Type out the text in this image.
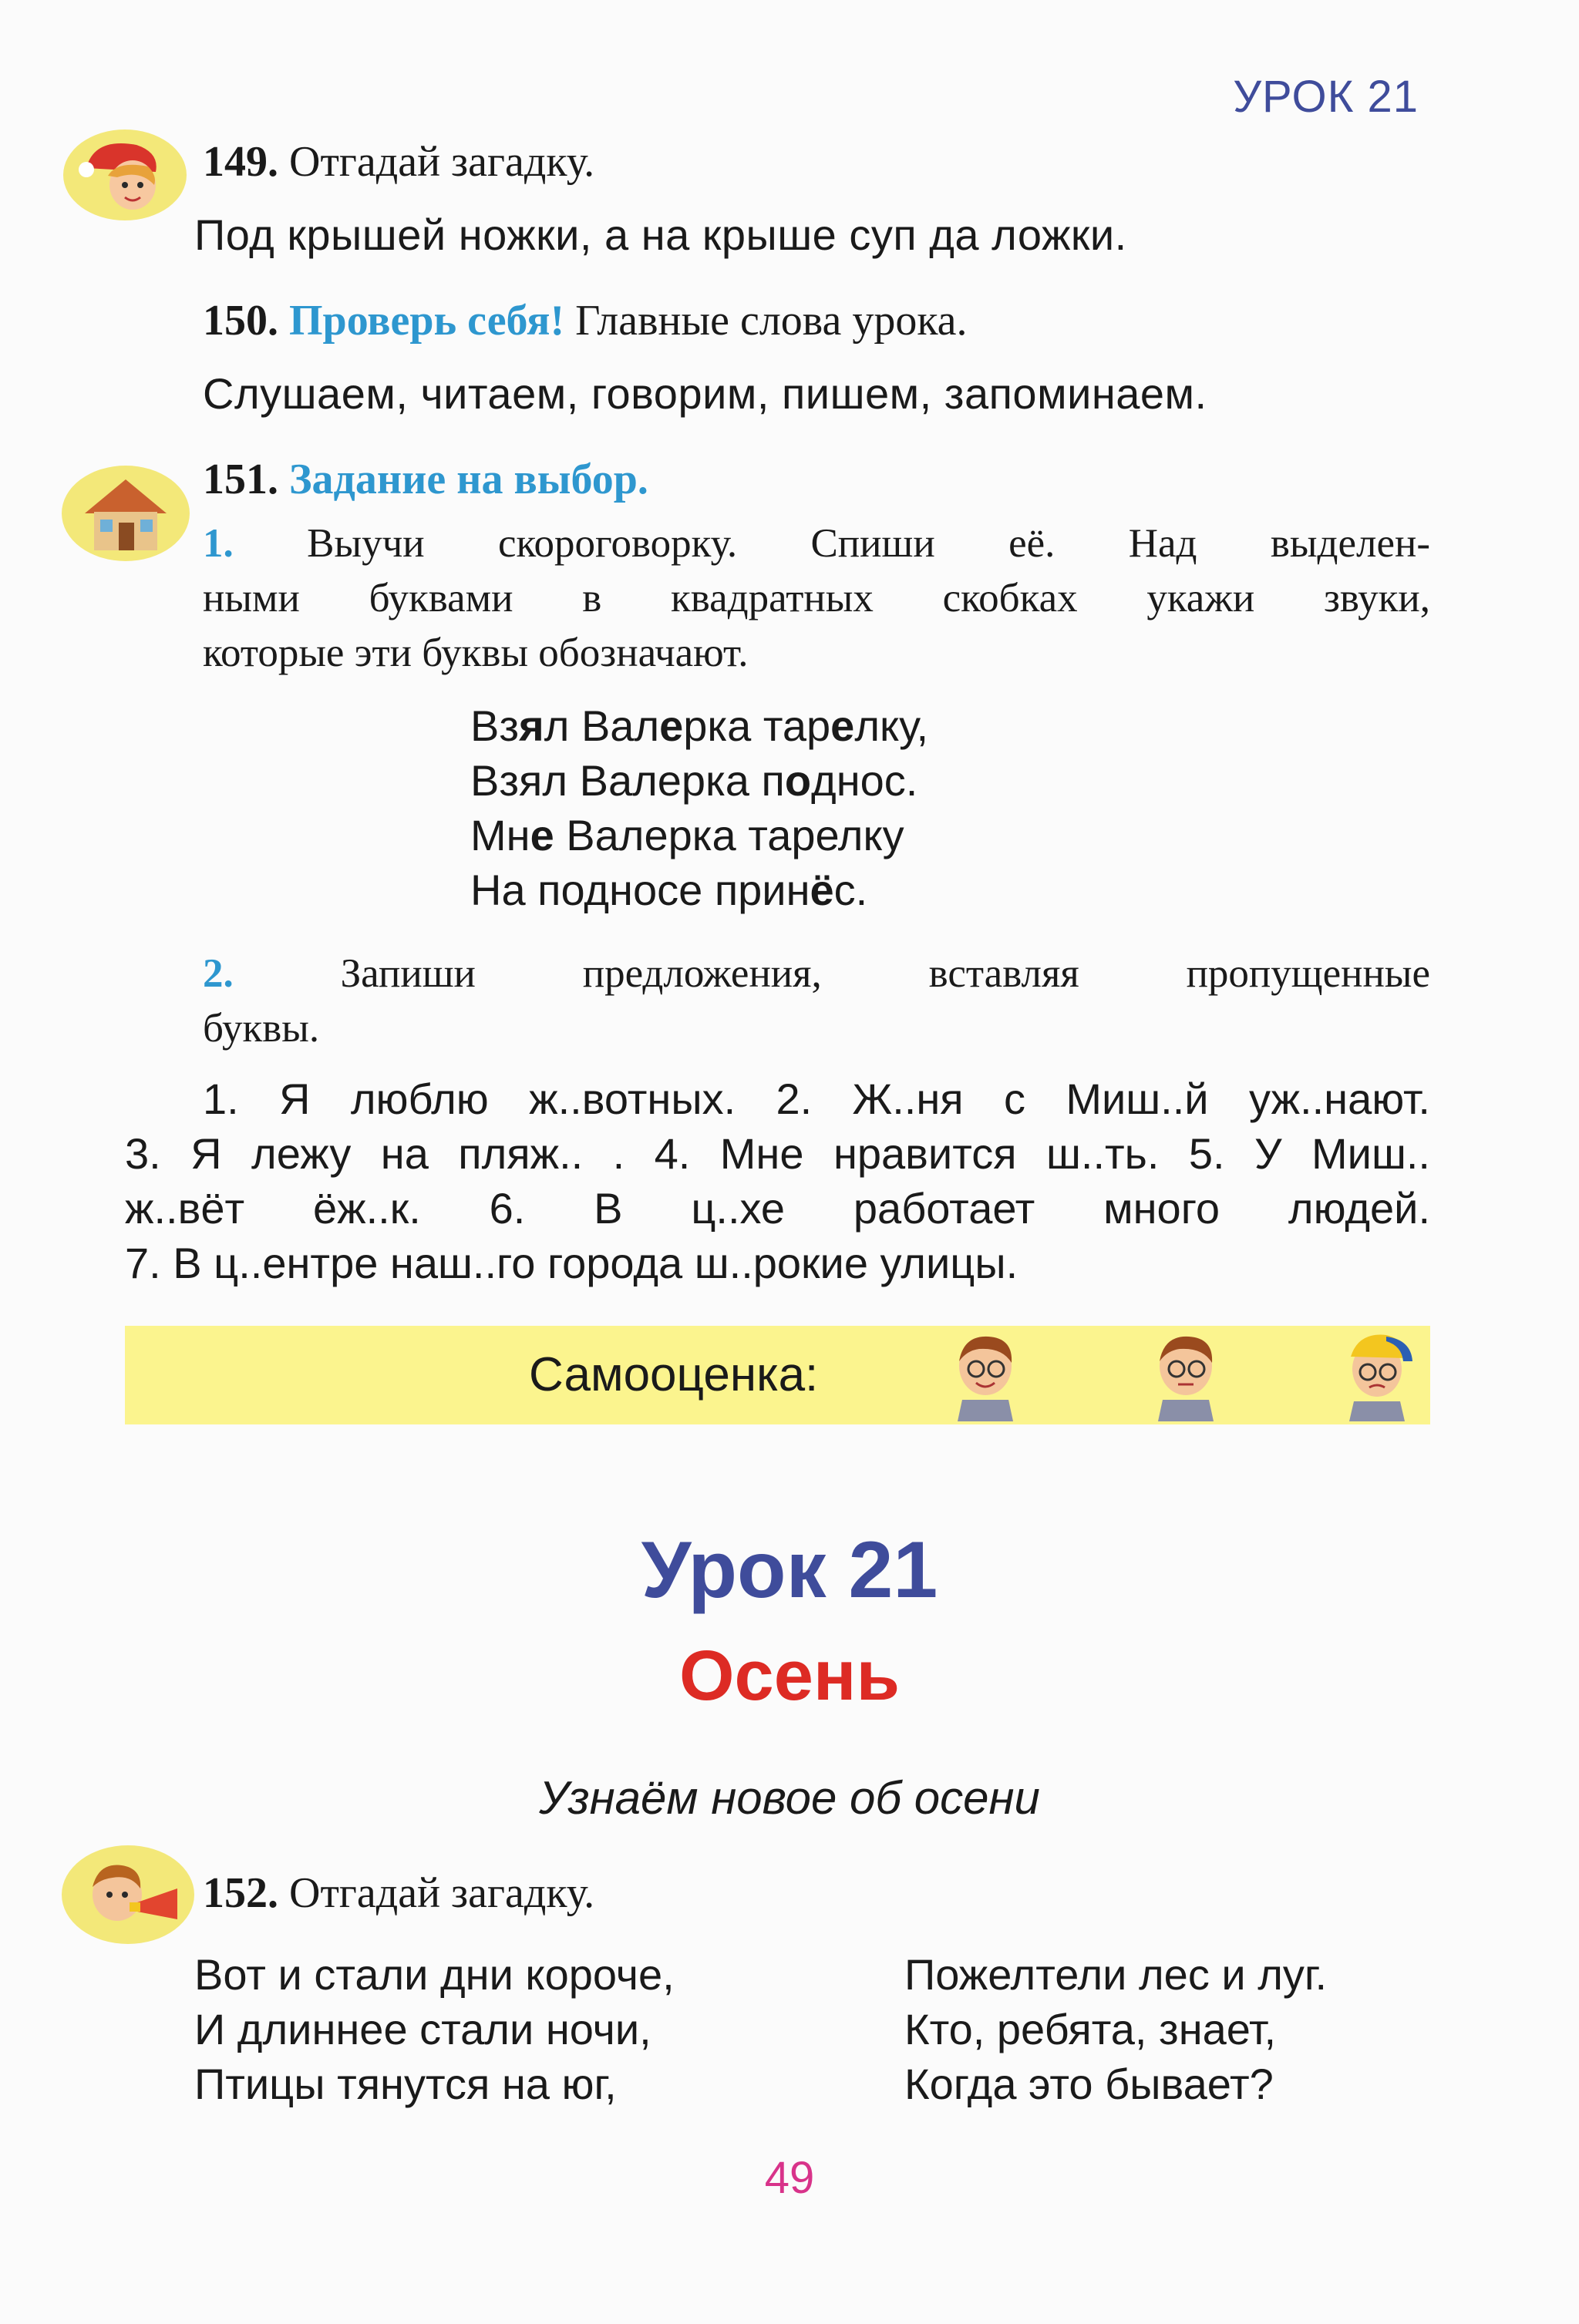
УРОК 21
149. Отгадай загадку.
Под крышей ножки, а на крыше суп да ложки.
150. Проверь себя! Главные слова урока.
Слушаем, читаем, говорим, пишем, запоминаем.
151. Задание на выбор.
1. Выучи скороговорку. Спиши её. Над выделен-
ными буквами в квадратных скобках укажи звуки,
которые эти буквы обозначают.
Взял Валерка тарелку,
Взял Валерка поднос.
Мне Валерка тарелку
На подносе принёс.
2.	Запиши предложения, вставляя пропущенные
буквы.
1. Я люблю ж..вотных. 2. Ж..ня с Миш..й уж..нают.
3. Я лежу на пляж.. . 4. Мне нравится ш..ть. 5. У Миш..
ж..вёт ёж..к. 6. В ц..хе работает много людей.
7. В ц..ентре наш..го города ш..рокие улицы.
Самооценка:
Урок 21
Осень
Узнаём новое об осени
152. Отгадай загадку.
Вот и стали дни короче,
И длиннее стали ночи,
Птицы тянутся на юг,
Пожелтели лес и луг.
Кто, ребята, знает,
Когда это бывает?
49
